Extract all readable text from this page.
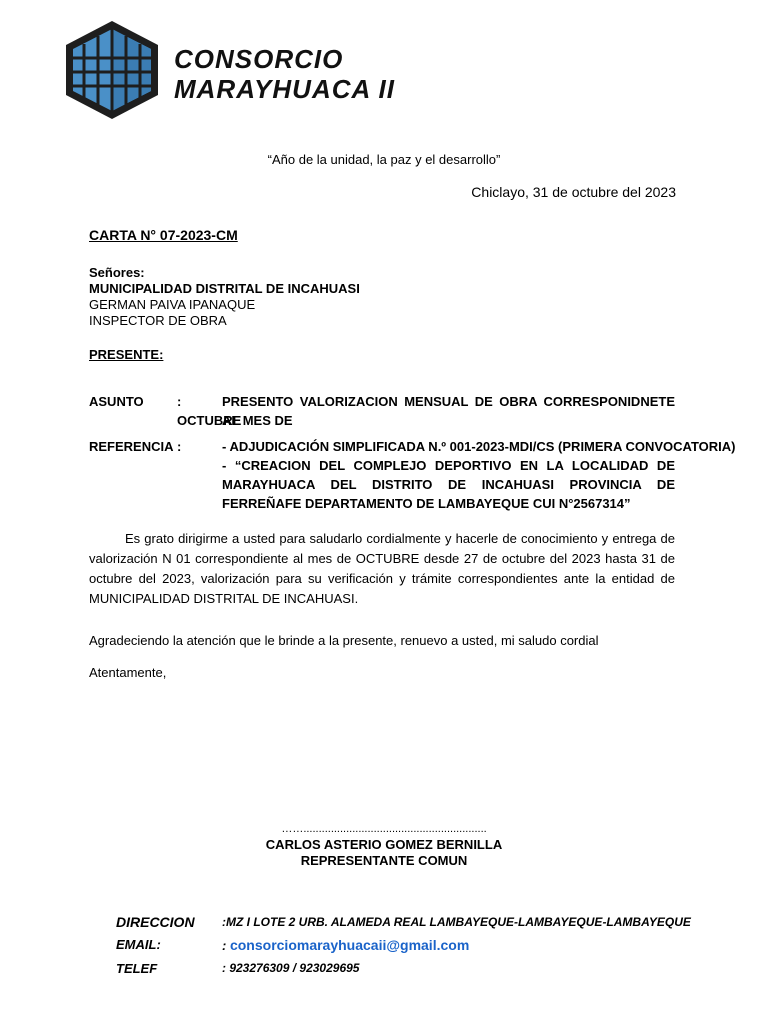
CONSORCIO
MARAYHUACA II
“Año de la unidad, la paz y el desarrollo”
Chiclayo, 31 de octubre del 2023
CARTA N° 07-2023-CM
Señores:
MUNICIPALIDAD DISTRITAL DE INCAHUASI
GERMAN PAIVA IPANAQUE
INSPECTOR DE OBRA
PRESENTE:
ASUNTO	:	PRESENTO VALORIZACION MENSUAL DE OBRA CORRESPONIDNETE AL MES DE
OCTUBRE
REFERENCIA :	- ADJUDICACIÓN SIMPLIFICADA N.º 001-2023-MDI/CS (PRIMERA CONVOCATORIA)
- “CREACION DEL COMPLEJO DEPORTIVO EN LA LOCALIDAD DE MARAYHUACA DEL DISTRITO DE INCAHUASI PROVINCIA DE FERREÑAFE DEPARTAMENTO DE LAMBAYEQUE CUI N°2567314”
Es grato dirigirme a usted para saludarlo cordialmente y hacerle de conocimiento y entrega de valorización N 01 correspondiente al mes de OCTUBRE desde 27 de octubre del 2023 hasta 31 de octubre del 2023, valorización para su verificación y trámite correspondientes ante la entidad de MUNICIPALIDAD DISTRITAL DE INCAHUASI.
Agradeciendo la atención que le brinde a la presente, renuevo a usted, mi saludo cordial
Atentamente,
……............................................................
CARLOS ASTERIO GOMEZ BERNILLA
REPRESENTANTE COMUN
DIRECCION :MZ I LOTE 2 URB. ALAMEDA REAL LAMBAYEQUE-LAMBAYEQUE-LAMBAYEQUE
EMAIL:	: consorciomarayhuacaii@gmail.com
TELEF	: 923276309 / 923029695
